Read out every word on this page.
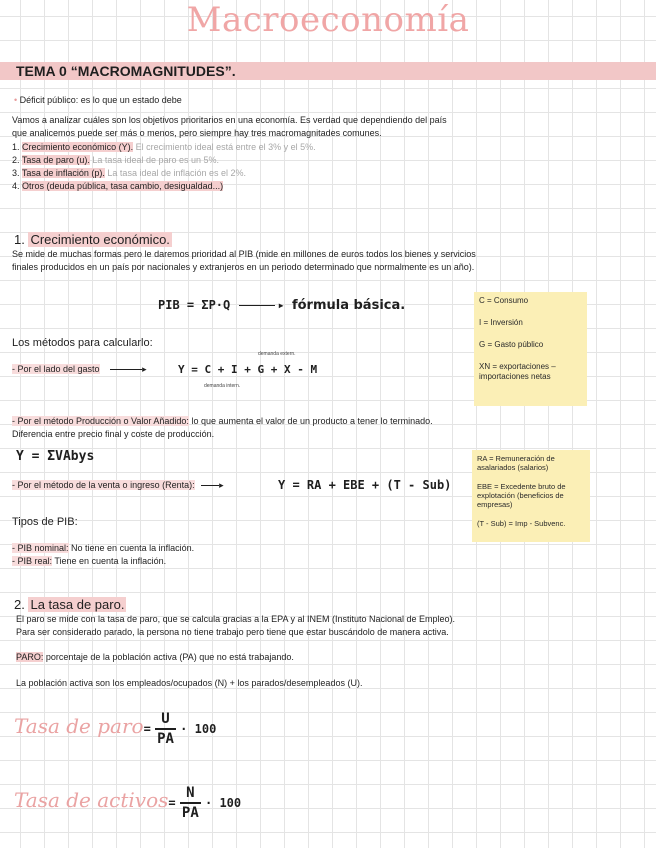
Macroeconomía
TEMA 0 “MACROMAGNITUDES”.
• Déficit público: es lo que un estado debe
Vamos a analizar cuáles son los objetivos prioritarios en una economía. Es verdad que dependiendo del país
que analicemos puede ser más o menos, pero siempre hay tres macromagnitades comunes.
1. Crecimiento económico (Y). El crecimiento ideal está entre el 3% y el 5%.
2. Tasa de paro (u). La tasa ideal de paro es un 5%.
3. Tasa de inflación (p). La tasa ideal de inflación es el 2%.
4. Otros (deuda pública, tasa cambio, desigualdad...)
1. Crecimiento económico.
Se mide de muchas formas pero le daremos prioridad al PIB (mide en millones de euros todos los bienes y servicios
finales producidos en un país por nacionales y extranjeros en un periodo determinado que normalmente es un año).
PIB = ΣP·Q	▸ fórmula básica.	C = Consumo
I = Inversión
G = Gasto público
XN = exportaciones – importaciones netas
Los métodos para calcularlo:
- Por el lado del gasto	▸
demanda extern.
Y = C + I + G + X - M
demanda intern.
- Por el método Producción o Valor Añadido: lo que aumenta el valor de un producto a tener lo terminado.
Diferencia entre precio final y coste de producción.
Y = ΣVAbys	RA = Remuneración de asalariados (salarios)
EBE = Excedente bruto de explotación (beneficios de empresas)
(T - Sub) = Imp - Subvenc.
- Por el método de la venta o ingreso (Renta):	▸	Y = RA + EBE + (T - Sub)
Tipos de PIB:
- PIB nominal: No tiene en cuenta la inflación.
- PIB real: Tiene en cuenta la inflación.
2. La tasa de paro.
El paro se mide con la tasa de paro, que se calcula gracias a la EPA y al INEM (Instituto Nacional de Empleo).
Para ser considerado parado, la persona no tiene trabajo pero tiene que estar buscándolo de manera activa.
PARO: porcentaje de la población activa (PA) que no está trabajando.
La población activa son los empleados/ocupados (N) + los parados/desempleados (U).
Tasa de paro= $\frac{U}{PA} \cdot 100$
Tasa de activos= $\frac{N}{PA} \cdot 100$
